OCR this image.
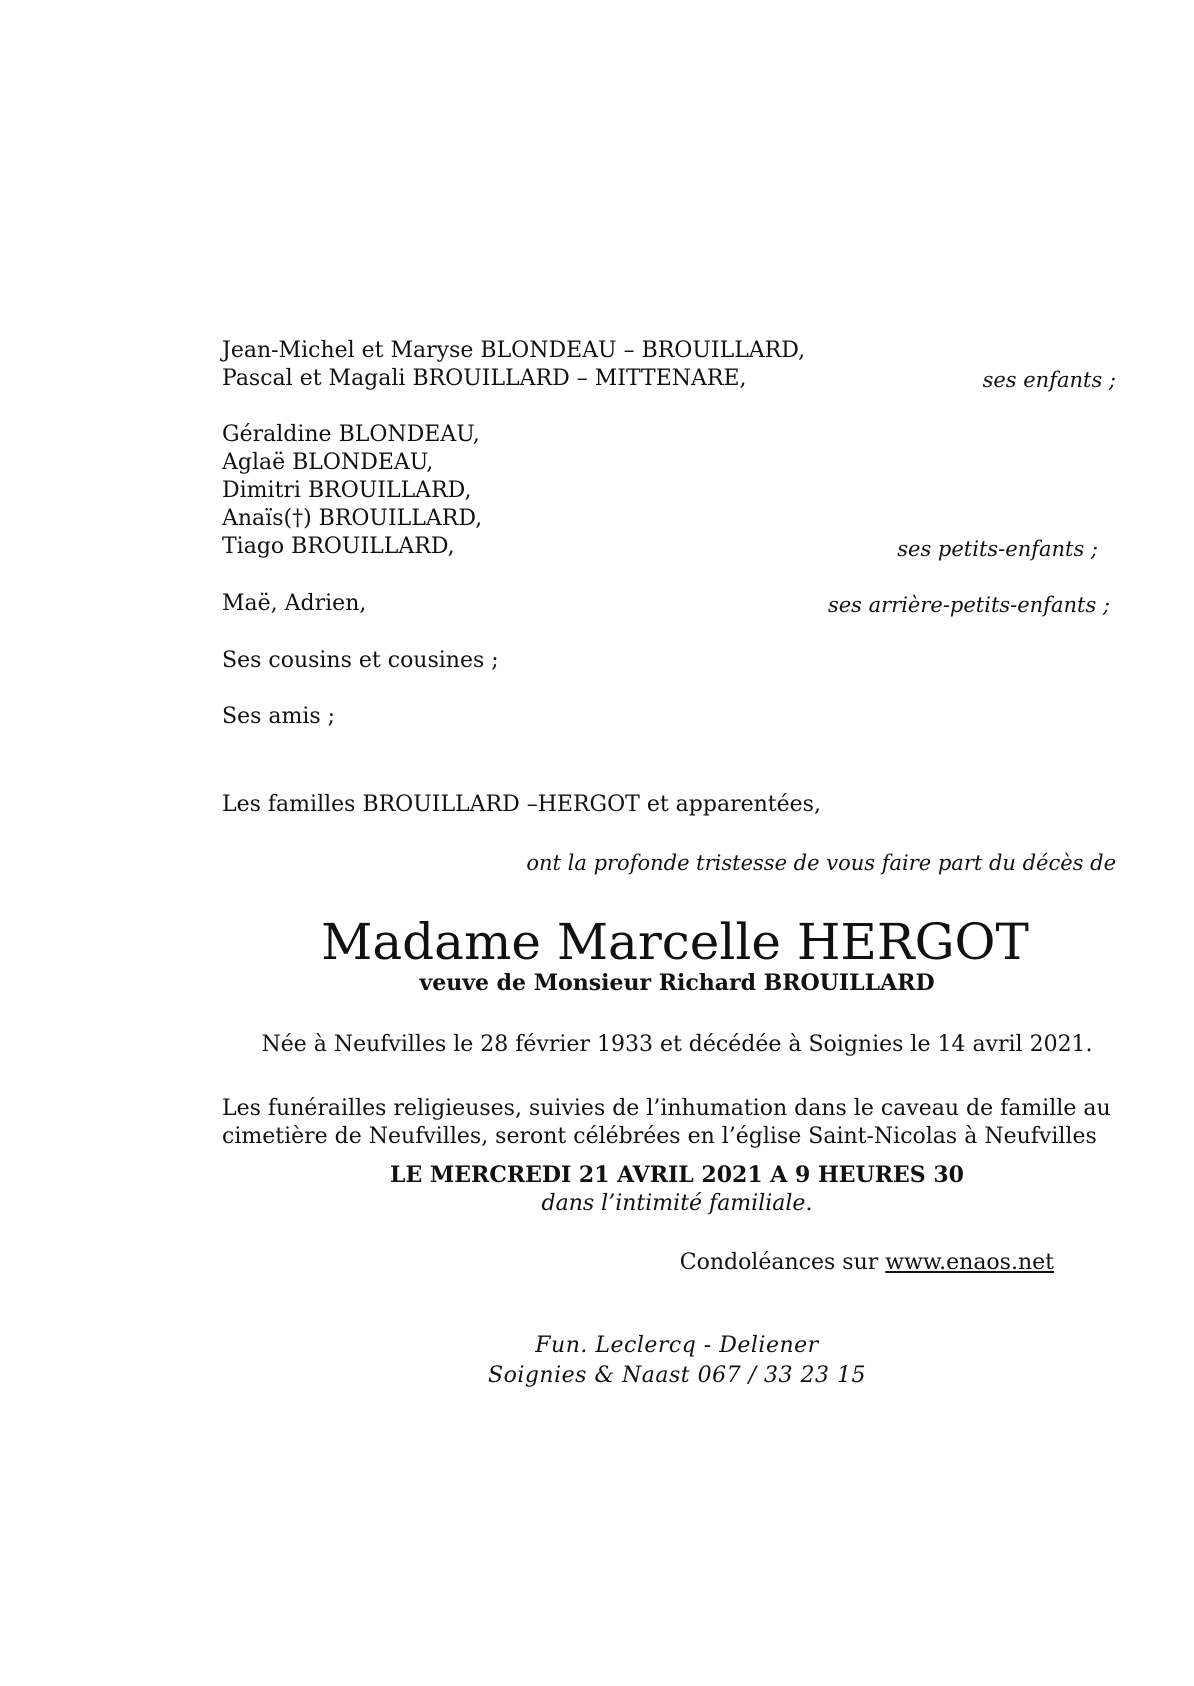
Jean-Michel et Maryse BLONDEAU – BROUILLARD,
Pascal et Magali BROUILLARD – MITTENARE,	ses enfants ;
Géraldine BLONDEAU,
Aglaë BLONDEAU,
Dimitri BROUILLARD,
Anaïs(†) BROUILLARD,
Tiago BROUILLARD,	ses petits-enfants ;
Maë, Adrien,	ses arrière-petits-enfants ;
Ses cousins et cousines ;
Ses amis ;
Les familles BROUILLARD –HERGOT et apparentées,
ont la profonde tristesse de vous faire part du décès de
Madame Marcelle HERGOT
veuve de Monsieur Richard BROUILLARD
Née à Neufvilles le 28 février 1933 et décédée à Soignies le 14 avril 2021.
Les funérailles religieuses, suivies de l’inhumation dans le caveau de famille au
cimetière de Neufvilles, seront célébrées en l’église Saint-Nicolas à Neufvilles
LE MERCREDI 21 AVRIL 2021 A 9 HEURES 30
dans l’intimité familiale.
Condoléances sur www.enaos.net
Fun. Leclercq - Deliener
Soignies & Naast 067 / 33 23 15
